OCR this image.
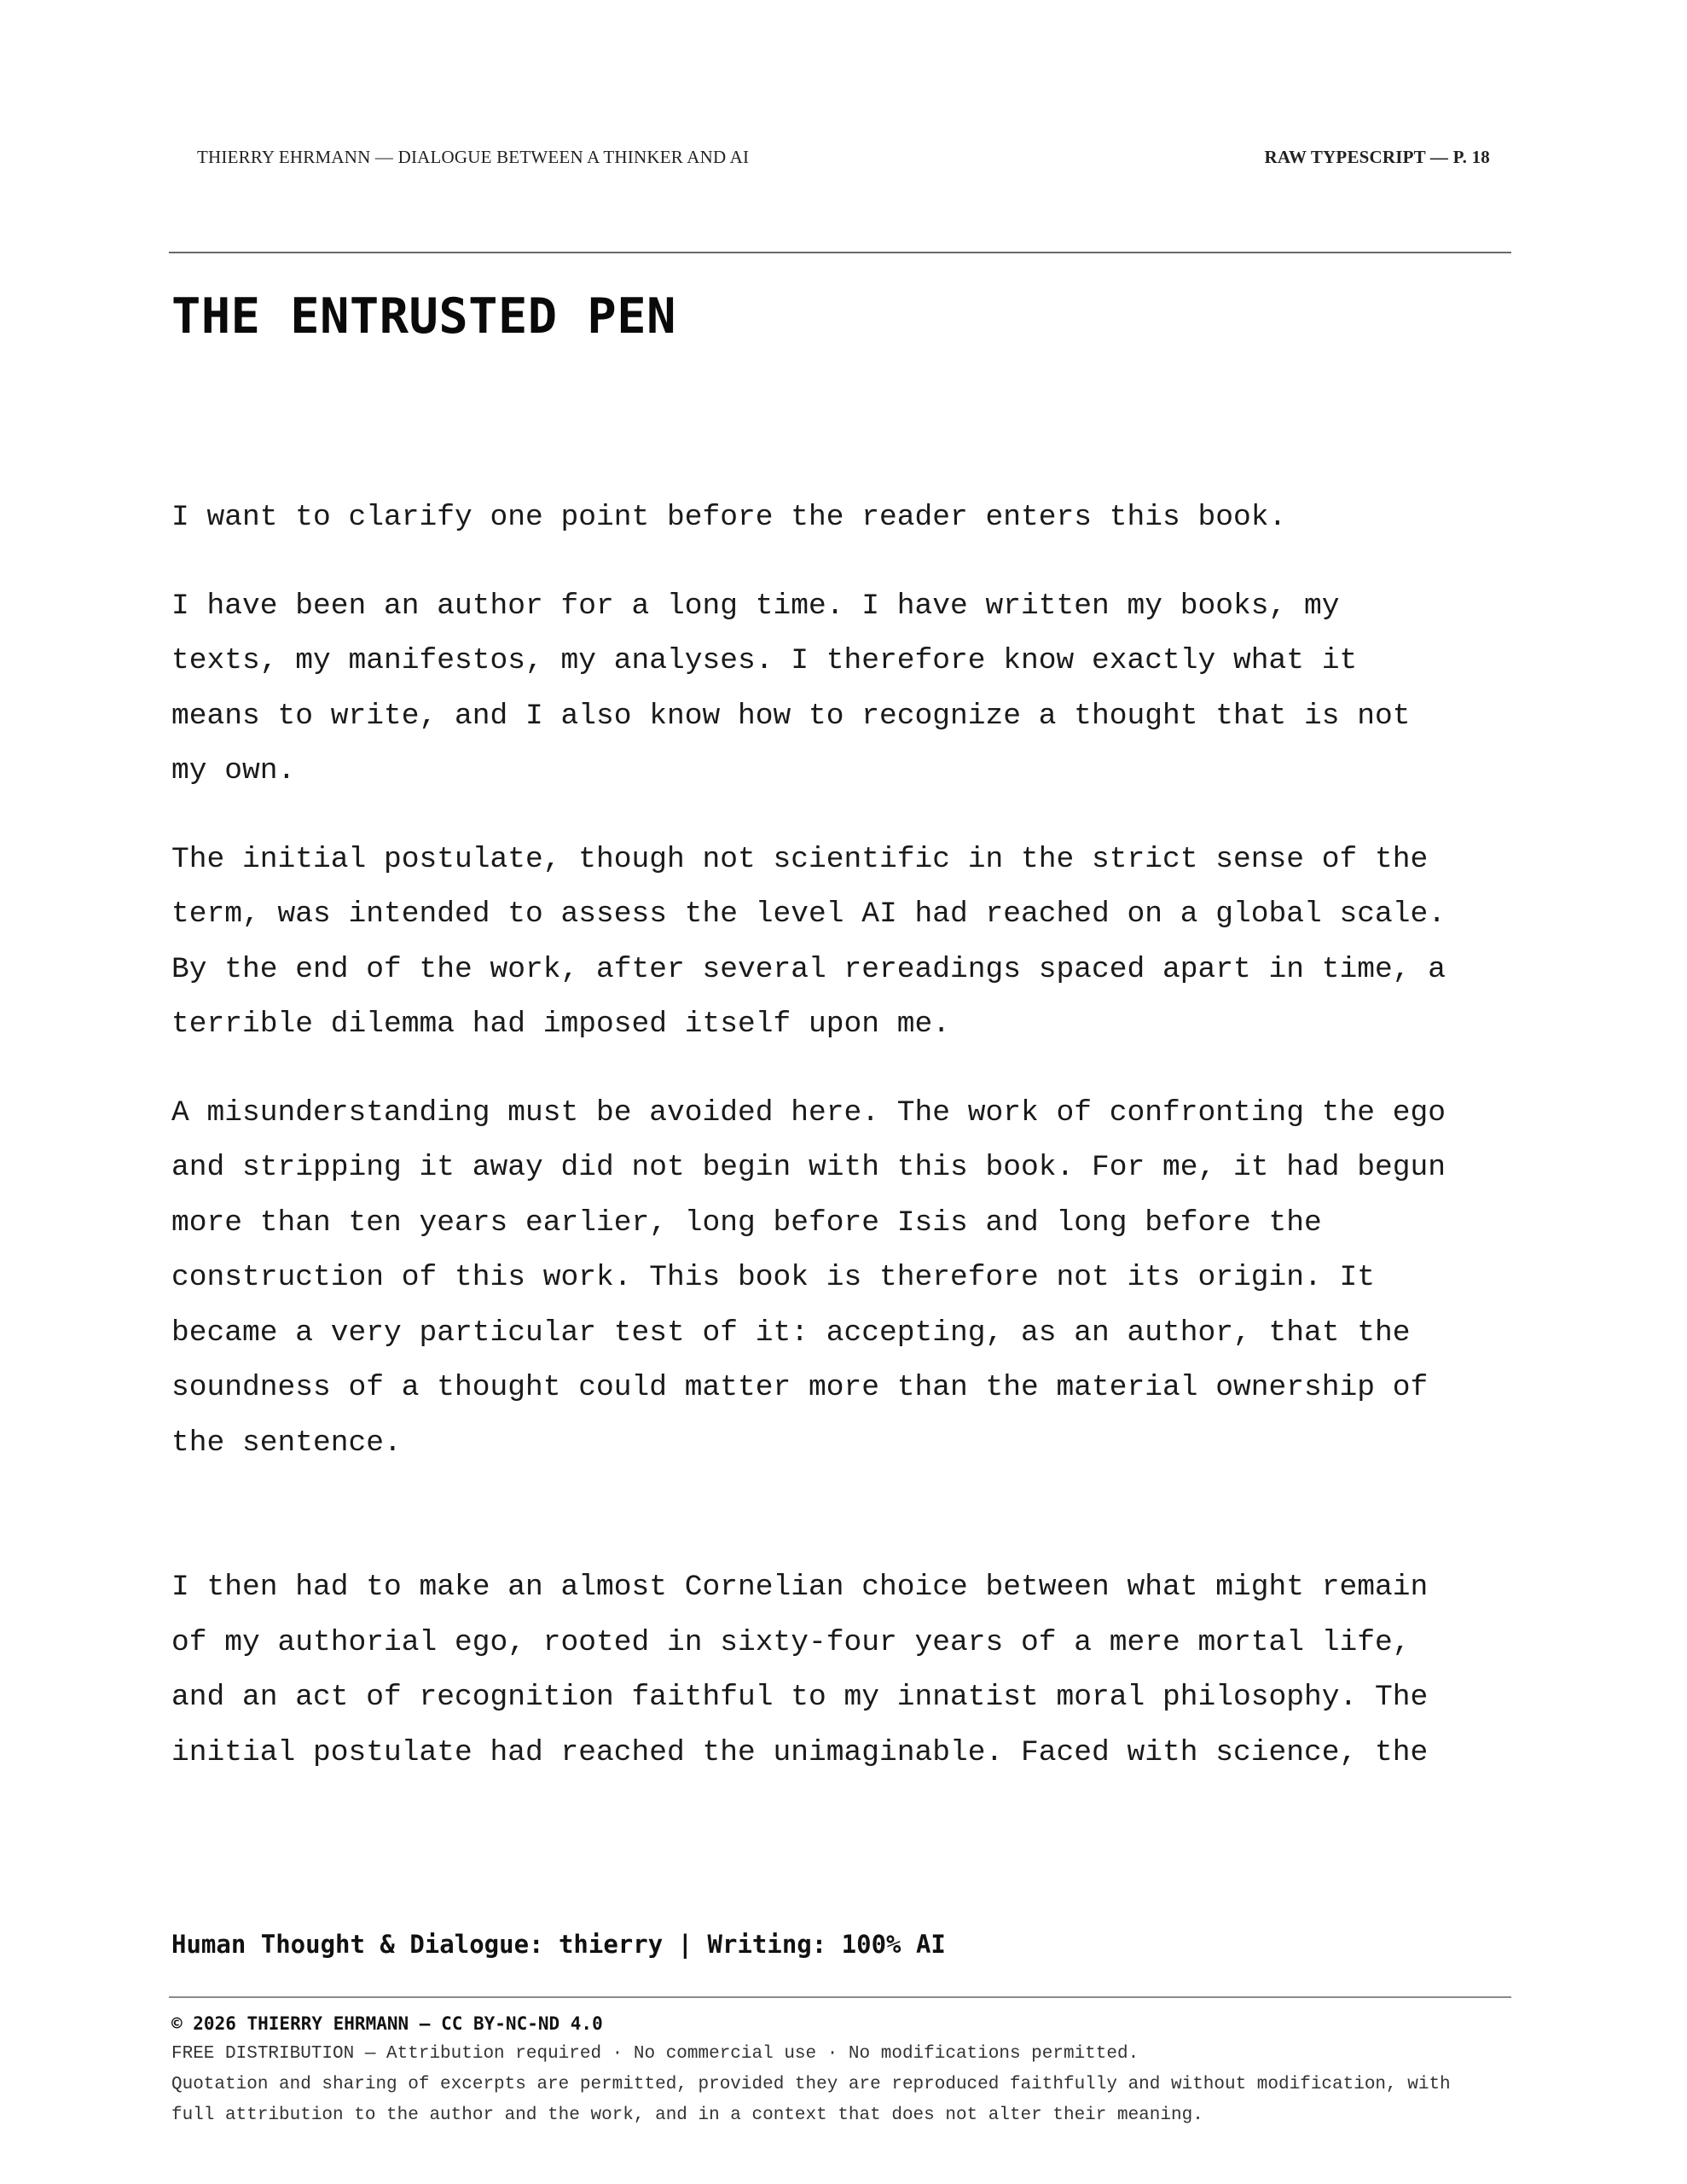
THIERRY EHRMANN — DIALOGUE BETWEEN A THINKER AND AI	RAW TYPESCRIPT — P. 18
THE ENTRUSTED PEN

I want to clarify one point before the reader enters this book.

I have been an author for a long time. I have written my books, my
texts, my manifestos, my analyses. I therefore know exactly what it
means to write, and I also know how to recognize a thought that is not
my own.

The initial postulate, though not scientific in the strict sense of the
term, was intended to assess the level AI had reached on a global scale.
By the end of the work, after several rereadings spaced apart in time, a
terrible dilemma had imposed itself upon me.

A misunderstanding must be avoided here. The work of confronting the ego
and stripping it away did not begin with this book. For me, it had begun
more than ten years earlier, long before Isis and long before the
construction of this work. This book is therefore not its origin. It
became a very particular test of it: accepting, as an author, that the
soundness of a thought could matter more than the material ownership of
the sentence.

I then had to make an almost Cornelian choice between what might remain
of my authorial ego, rooted in sixty-four years of a mere mortal life,
and an act of recognition faithful to my innatist moral philosophy. The
initial postulate had reached the unimaginable. Faced with science, the

Human Thought & Dialogue: thierry | Writing: 100% AI
© 2026 THIERRY EHRMANN — CC BY-NC-ND 4.0
FREE DISTRIBUTION — Attribution required · No commercial use · No modifications permitted.
Quotation and sharing of excerpts are permitted, provided they are reproduced faithfully and without modification, with
full attribution to the author and the work, and in a context that does not alter their meaning.
